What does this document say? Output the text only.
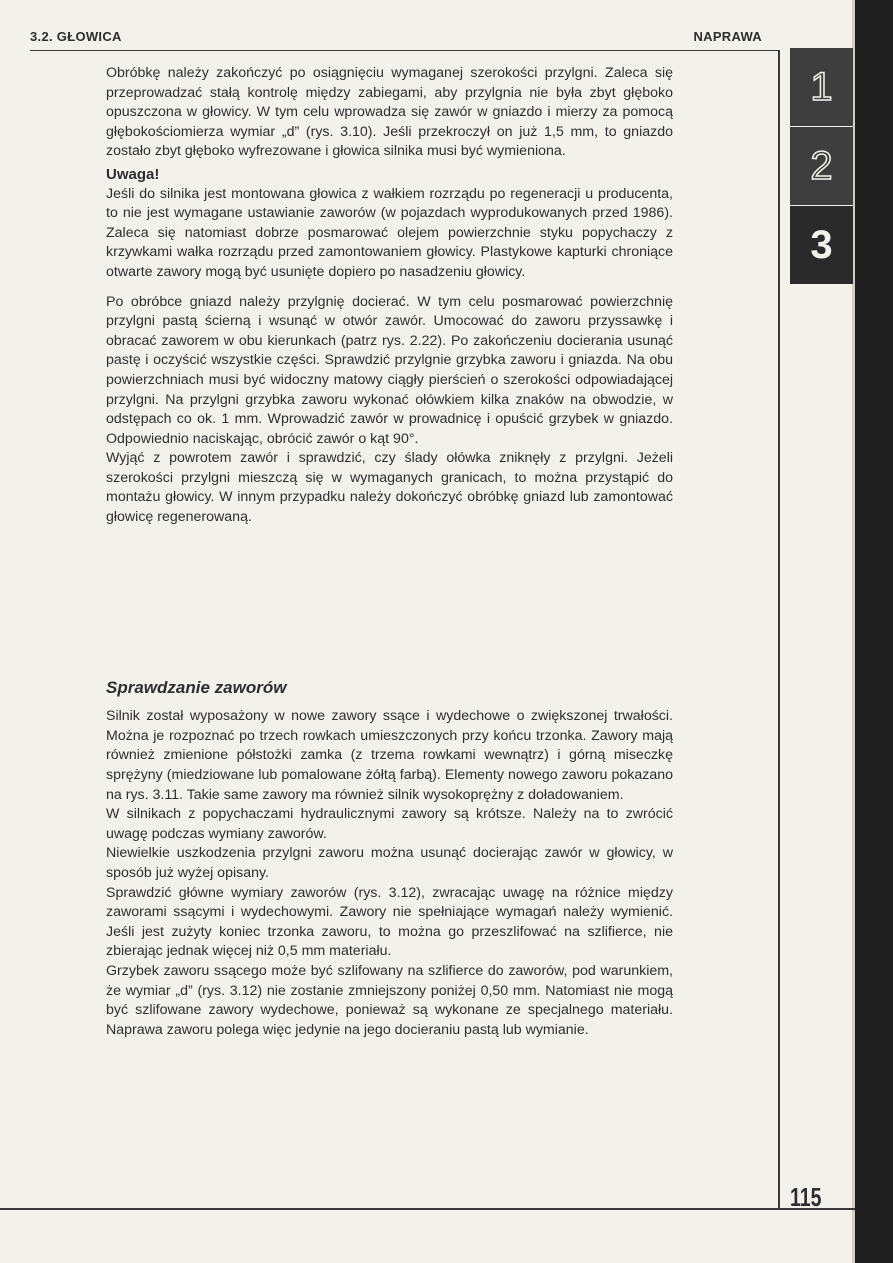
3.2. GŁOWICA	NAPRAWA
1
2
3

Obróbkę należy zakończyć po osiągnięciu wymaganej szerokości przylgni. Zaleca się przeprowadzać stałą kontrolę między zabiegami, aby przylgnia nie była zbyt głęboko opuszczona w głowicy. W tym celu wprowadza się zawór w gniazdo i mierzy za pomocą głębokościomierza wymiar „d” (rys. 3.10). Jeśli przekroczył on już 1,5 mm, to gniazdo zostało zbyt głęboko wyfrezowane i głowica silnika musi być wymieniona.

Uwaga!

Jeśli do silnika jest montowana głowica z wałkiem rozrządu po regeneracji u producenta, to nie jest wymagane ustawianie zaworów (w pojazdach wyprodukowanych przed 1986). Zaleca się natomiast dobrze posmarować olejem powierzchnie styku popychaczy z krzywkami wałka rozrządu przed zamontowaniem głowicy. Plastykowe kapturki chroniące otwarte zawory mogą być usunięte dopiero po nasadzeniu głowicy.

Po obróbce gniazd należy przylgnię docierać. W tym celu posmarować powierzchnię przylgni pastą ścierną i wsunąć w otwór zawór. Umocować do zaworu przyssawkę i obracać zaworem w obu kierunkach (patrz rys. 2.22). Po zakończeniu docierania usunąć pastę i oczyścić wszystkie części. Sprawdzić przylgnie grzybka zaworu i gniazda. Na obu powierzchniach musi być widoczny matowy ciągły pierścień o szerokości odpowiadającej przylgni. Na przylgni grzybka zaworu wykonać ołówkiem kilka znaków na obwodzie, w odstępach co ok. 1 mm. Wprowadzić zawór w prowadnicę i opuścić grzybek w gniazdo. Odpowiednio naciskając, obrócić zawór o kąt 90°.

Wyjąć z powrotem zawór i sprawdzić, czy ślady ołówka zniknęły z przylgni. Jeżeli szerokości przylgni mieszczą się w wymaganych granicach, to można przystąpić do montażu głowicy. W innym przypadku należy dokończyć obróbkę gniazd lub zamontować głowicę regenerowaną.

Sprawdzanie zaworów

Silnik został wyposażony w nowe zawory ssące i wydechowe o zwiększonej trwałości. Można je rozpoznać po trzech rowkach umieszczonych przy końcu trzonka. Zawory mają również zmienione półstożki zamka (z trzema rowkami wewnątrz) i górną miseczkę sprężyny (miedziowane lub pomalowane żółtą farbą). Elementy nowego zaworu pokazano na rys. 3.11. Takie same zawory ma również silnik wysokoprężny z doładowaniem.

W silnikach z popychaczami hydraulicznymi zawory są krótsze. Należy na to zwrócić uwagę podczas wymiany zaworów.

Niewielkie uszkodzenia przylgni zaworu można usunąć docierając zawór w głowicy, w sposób już wyżej opisany.

Sprawdzić główne wymiary zaworów (rys. 3.12), zwracając uwagę na różnice między zaworami ssącymi i wydechowymi. Zawory nie spełniające wymagań należy wymienić. Jeśli jest zużyty koniec trzonka zaworu, to można go przeszlifować na szlifierce, nie zbierając jednak więcej niż 0,5 mm materiału.

Grzybek zaworu ssącego może być szlifowany na szlifierce do zaworów, pod warunkiem, że wymiar „d” (rys. 3.12) nie zostanie zmniejszony poniżej 0,50 mm. Natomiast nie mogą być szlifowane zawory wydechowe, ponieważ są wykonane ze specjalnego materiału. Naprawa zaworu polega więc jedynie na jego docieraniu pastą lub wymianie.

115
